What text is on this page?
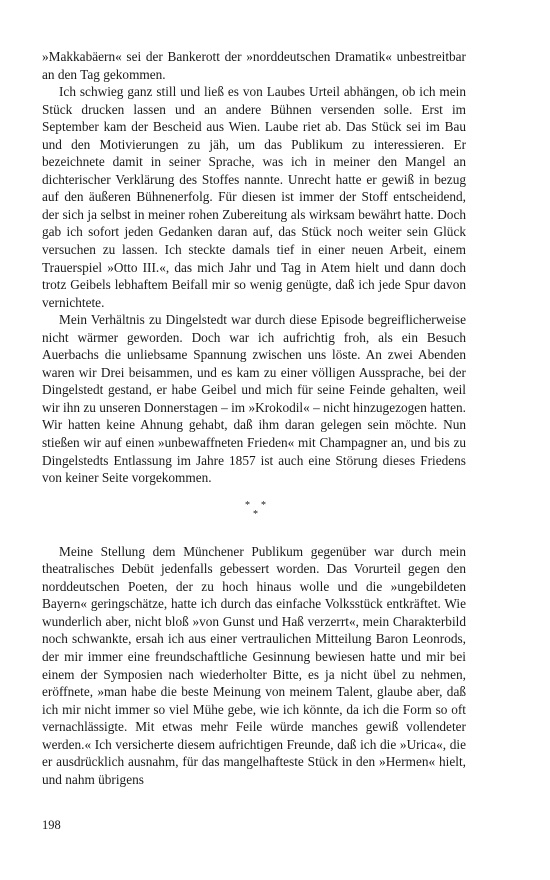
»Makkabäern« sei der Bankerott der »norddeutschen Dramatik« unbestreitbar an den Tag gekommen.

Ich schwieg ganz still und ließ es von Laubes Urteil abhängen, ob ich mein Stück drucken lassen und an andere Bühnen versenden solle. Erst im September kam der Bescheid aus Wien. Laube riet ab. Das Stück sei im Bau und den Motivierungen zu jäh, um das Publikum zu interessieren. Er bezeichnete damit in seiner Sprache, was ich in meiner den Mangel an dichterischer Verklärung des Stoffes nannte. Unrecht hatte er gewiß in bezug auf den äußeren Bühnenerfolg. Für diesen ist immer der Stoff entscheidend, der sich ja selbst in meiner rohen Zubereitung als wirksam bewährt hatte. Doch gab ich sofort jeden Gedanken daran auf, das Stück noch weiter sein Glück versuchen zu lassen. Ich steckte damals tief in einer neuen Arbeit, einem Trauerspiel »Otto III.«, das mich Jahr und Tag in Atem hielt und dann doch trotz Geibels lebhaftem Beifall mir so wenig genügte, daß ich jede Spur davon vernichtete.

Mein Verhältnis zu Dingelstedt war durch diese Episode begreiflicherweise nicht wärmer geworden. Doch war ich aufrichtig froh, als ein Besuch Auerbachs die unliebsame Spannung zwischen uns löste. An zwei Abenden waren wir Drei beisammen, und es kam zu einer völligen Aussprache, bei der Dingelstedt gestand, er habe Geibel und mich für seine Feinde gehalten, weil wir ihn zu unseren Donnerstagen – im »Krokodil« – nicht hinzugezogen hatten. Wir hatten keine Ahnung gehabt, daß ihm daran gelegen sein möchte. Nun stießen wir auf einen »unbewaffneten Frieden« mit Champagner an, und bis zu Dingelstedts Entlassung im Jahre 1857 ist auch eine Störung dieses Friedens von keiner Seite vorgekommen.

* *
*

Meine Stellung dem Münchener Publikum gegenüber war durch mein theatralisches Debüt jedenfalls gebessert worden. Das Vorurteil gegen den norddeutschen Poeten, der zu hoch hinaus wolle und die »ungebildeten Bayern« geringschätze, hatte ich durch das einfache Volksstück entkräftet. Wie wunderlich aber, nicht bloß »von Gunst und Haß verzerrt«, mein Charakterbild noch schwankte, ersah ich aus einer vertraulichen Mitteilung Baron Leonrods, der mir immer eine freundschaftliche Gesinnung bewiesen hatte und mir bei einem der Symposien nach wiederholter Bitte, es ja nicht übel zu nehmen, eröffnete, »man habe die beste Meinung von meinem Talent, glaube aber, daß ich mir nicht immer so viel Mühe gebe, wie ich könnte, da ich die Form so oft vernachlässigte. Mit etwas mehr Feile würde manches gewiß vollendeter werden.« Ich versicherte diesem aufrichtigen Freunde, daß ich die »Urica«, die er ausdrücklich ausnahm, für das mangelhafteste Stück in den »Hermen« hielt, und nahm übrigens

198
